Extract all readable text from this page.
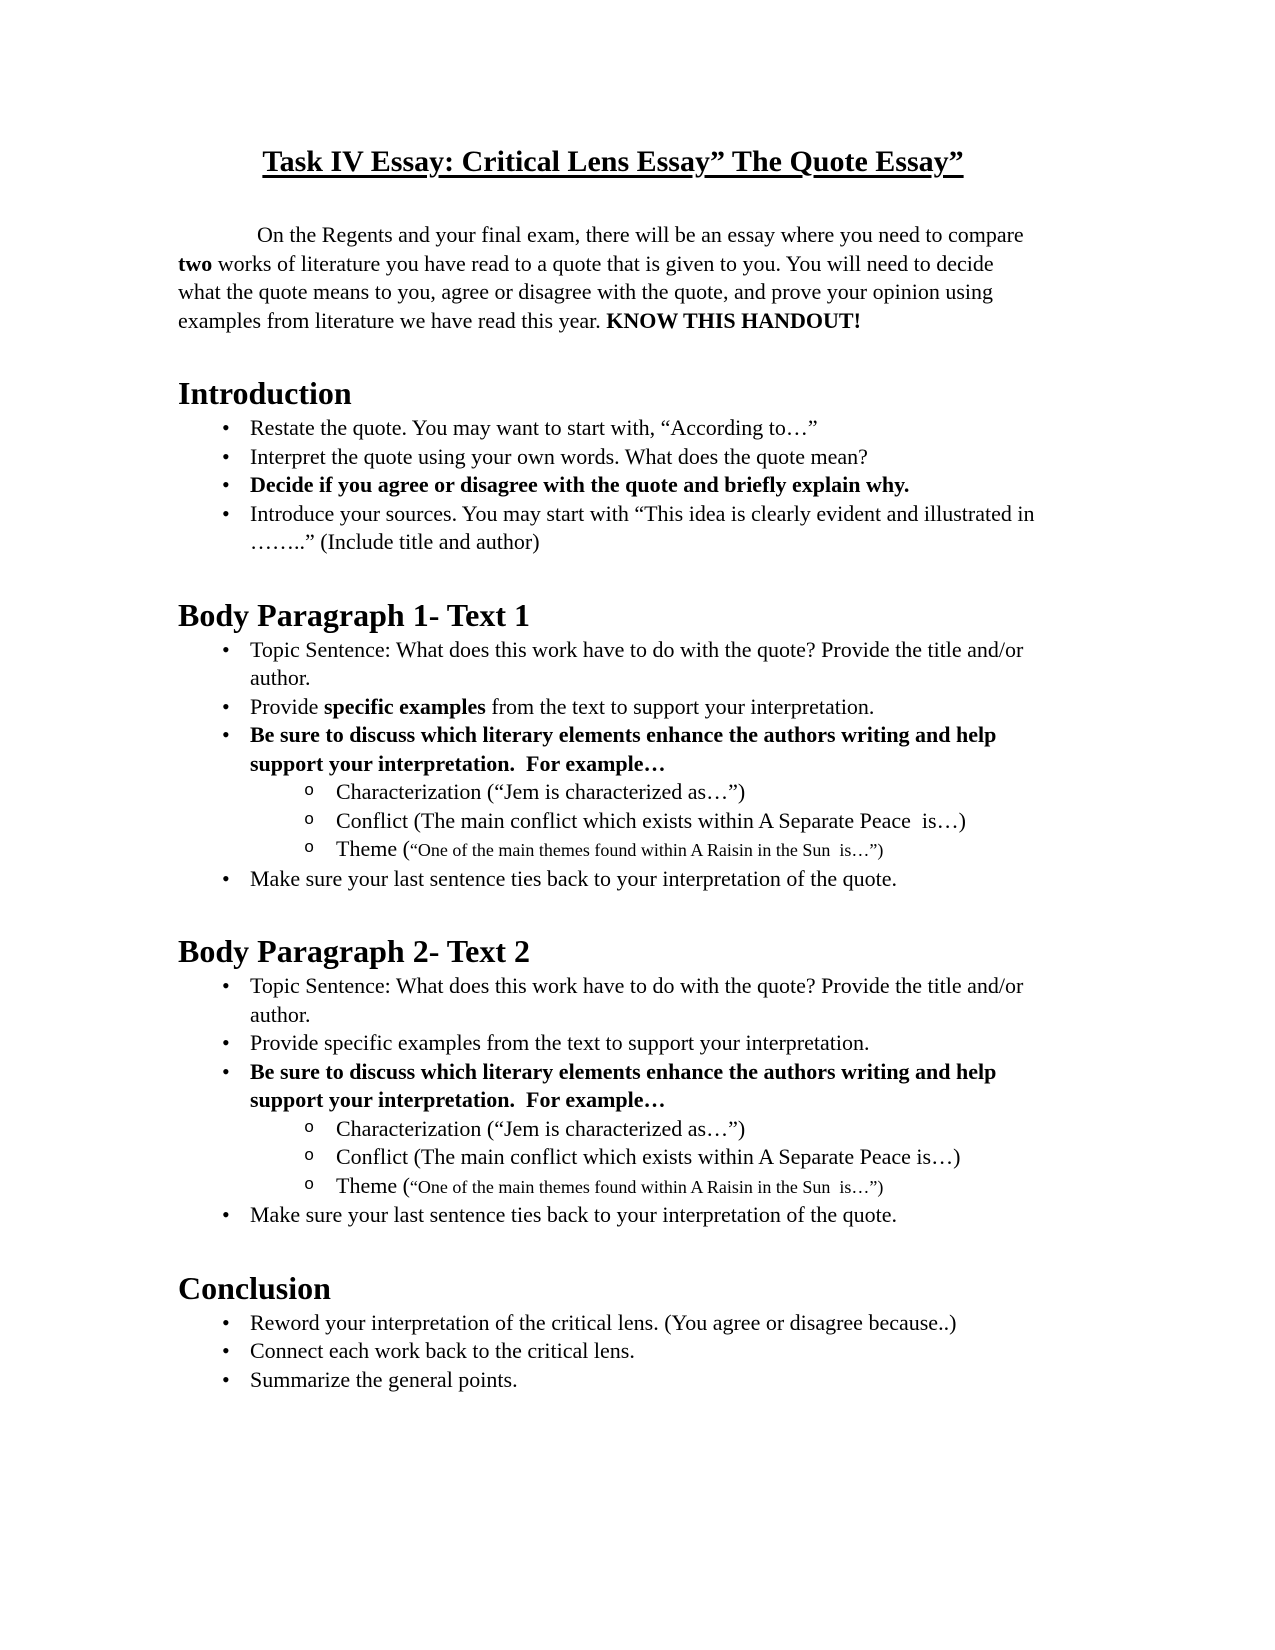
Task IV Essay: Critical Lens Essay” The Quote Essay”

On the Regents and your final exam, there will be an essay where you need to compare two works of literature you have read to a quote that is given to you. You will need to decide what the quote means to you, agree or disagree with the quote, and prove your opinion using examples from literature we have read this year. KNOW THIS HANDOUT!

Introduction
• Restate the quote. You may want to start with, “According to…”
• Interpret the quote using your own words. What does the quote mean?
• Decide if you agree or disagree with the quote and briefly explain why.
• Introduce your sources. You may start with “This idea is clearly evident and illustrated in ……..” (Include title and author)
Body Paragraph 1- Text 1
• Topic Sentence: What does this work have to do with the quote? Provide the title and/or author.
• Provide specific examples from the text to support your interpretation.
• Be sure to discuss which literary elements enhance the authors writing and help support your interpretation.  For example…
o Characterization (“Jem is characterized as…”)
o Conflict (The main conflict which exists within A Separate Peace  is…)
o Theme (“One of the main themes found within A Raisin in the Sun  is…”)
• Make sure your last sentence ties back to your interpretation of the quote.
Body Paragraph 2- Text 2
• Topic Sentence: What does this work have to do with the quote? Provide the title and/or author.
• Provide specific examples from the text to support your interpretation.
• Be sure to discuss which literary elements enhance the authors writing and help support your interpretation.  For example…
o Characterization (“Jem is characterized as…”)
o Conflict (The main conflict which exists within A Separate Peace is…)
o Theme (“One of the main themes found within A Raisin in the Sun  is…”)
• Make sure your last sentence ties back to your interpretation of the quote.
Conclusion
• Reword your interpretation of the critical lens. (You agree or disagree because..)
• Connect each work back to the critical lens.
• Summarize the general points.
